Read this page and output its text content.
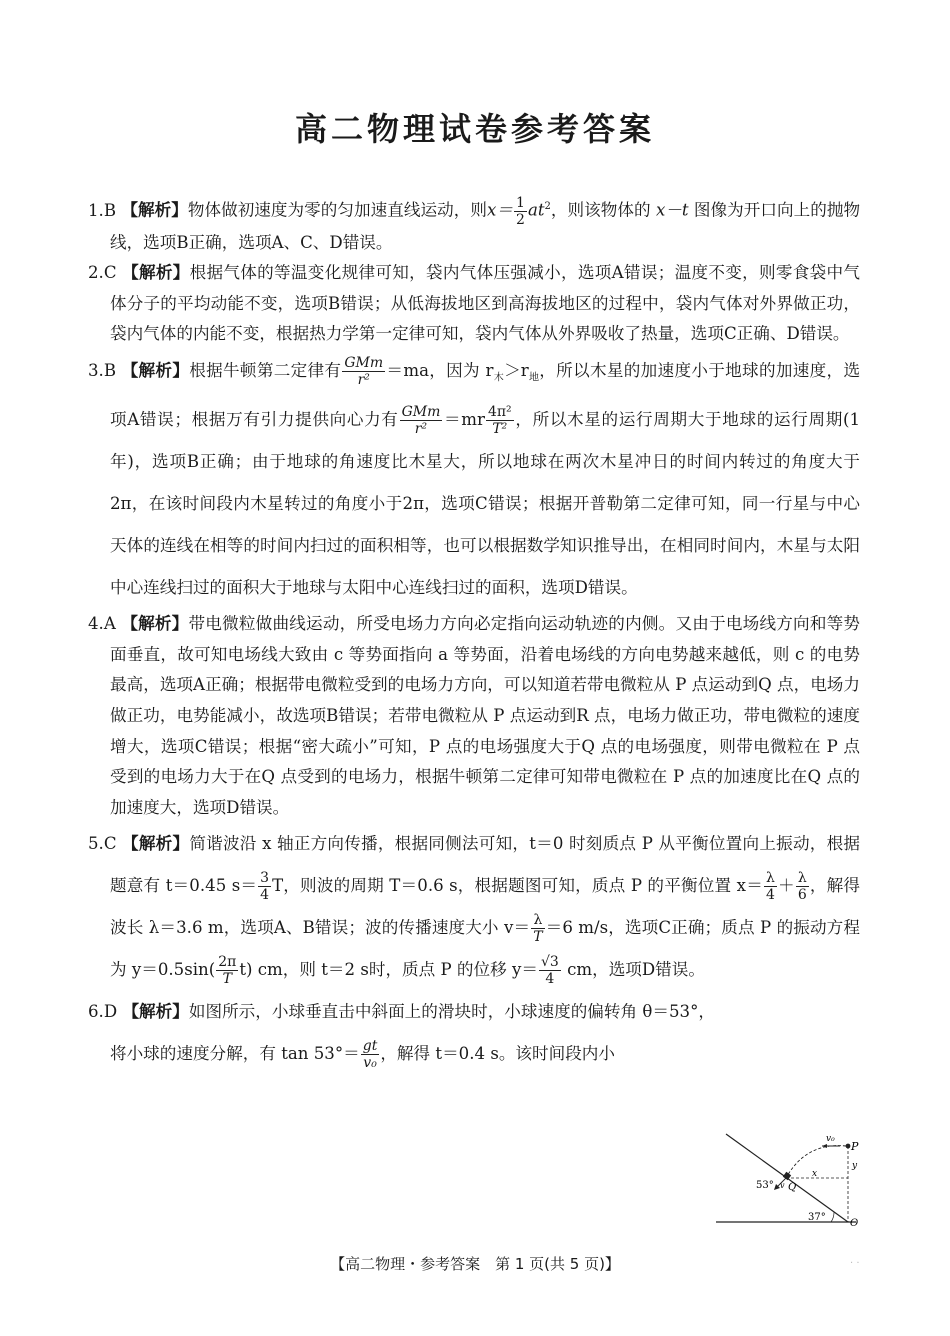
高二物理试卷参考答案
1.B 【解析】物体做初速度为零的匀加速直线运动，则$x= \frac{1}{2} at^2$，则该物体的 x－t 图像为开口向上的抛物线，选项B正确，选项A、C、D错误。
2.C 【解析】根据气体的等温变化规律可知，袋内气体压强减小，选项A错误；温度不变，则零食袋中气体分子的平均动能不变，选项B错误；从低海拔地区到高海拔地区的过程中，袋内气体对外界做正功，袋内气体的内能不变，根据热力学第一定律可知，袋内气体从外界吸收了热量，选项C正确、D错误。
3.B 【解析】根据牛顿第二定律有 $\frac{\text{GMm}}{\text{r²}} =ma$，因为 $r_木>r_地$，所以木星的加速度小于地球的加速度，选项A错误；根据万有引力提供向心力有 $\frac{\text{GMm}}{\text{r²}} =mr \frac{\text{4π²}}{\text{T²}}$ ，所以木星的运行周期大于地球的运行周期(1年)，选项B正确；由于地球的角速度比木星大，所以地球在两次木星冲日的时间内转过的角度大于2π，在该时间段内木星转过的角度小于2π，选项C错误；根据开普勒第二定律可知，同一行星与中心天体的连线在相等的时间内扫过的面积相等，也可以根据数学知识推导出，在相同时间内，木星与太阳中心连线扫过的面积大于地球与太阳中心连线扫过的面积，选项D错误。
4.A 【解析】带电微粒做曲线运动，所受电场力方向必定指向运动轨迹的内侧。又由于电场线方向和等势面垂直，故可知电场线大致由 c 等势面指向 a 等势面，沿着电场线的方向电势越来越低，则 c 的电势最高，选项A正确；根据带电微粒受到的电场力方向，可以知道若带电微粒从 P 点运动到Q 点，电场力做正功，电势能减小，故选项B错误；若带电微粒从 P 点运动到R 点，电场力做正功，带电微粒的速度增大，选项C错误；根据“密大疏小”可知，P 点的电场强度大于Q 点的电场强度，则带电微粒在 P 点受到的电场力大于在Q 点受到的电场力，根据牛顿第二定律可知带电微粒在 P 点的加速度比在Q 点的加速度大，选项D错误。
5.C 【解析】简谐波沿 x 轴正方向传播，根据同侧法可知，t＝0 时刻质点 P 从平衡位置向上振动，根据题意有 t＝0.45 $s= \frac{3}{4}$ T，则波的周期 T＝0.6 s，根据题图可知，质点 P 的平衡位置 $x= \frac{\lambda}{4} + \frac{\lambda}{6}$ ，解得波长 λ＝3.6 m，选项A、B错误；波的传播速度大小 $v= \frac{\lambda}{T} =6$ m/s，选项C正确；质点 P 的振动方程为 $y=0.5\sin( \frac{2\pi}{T} t)$ cm，则 t＝2 s时，质点 P 的位移 $y= \frac{√3}{4}$ cm，选项D错误。
6.D 【解析】如图所示，小球垂直击中斜面上的滑块时，小球速度的偏转角 θ＝53°，将小球的速度分解，有 $\tan 53^\circ= \frac{gt}{\text{v₀}}$ ，解得 t＝0.4 s。该时间段内小
v₀
P
y
x
Q
v
53°
37°
O
【高二物理・参考答案　第 1 页(共 5 页)】	· ·
